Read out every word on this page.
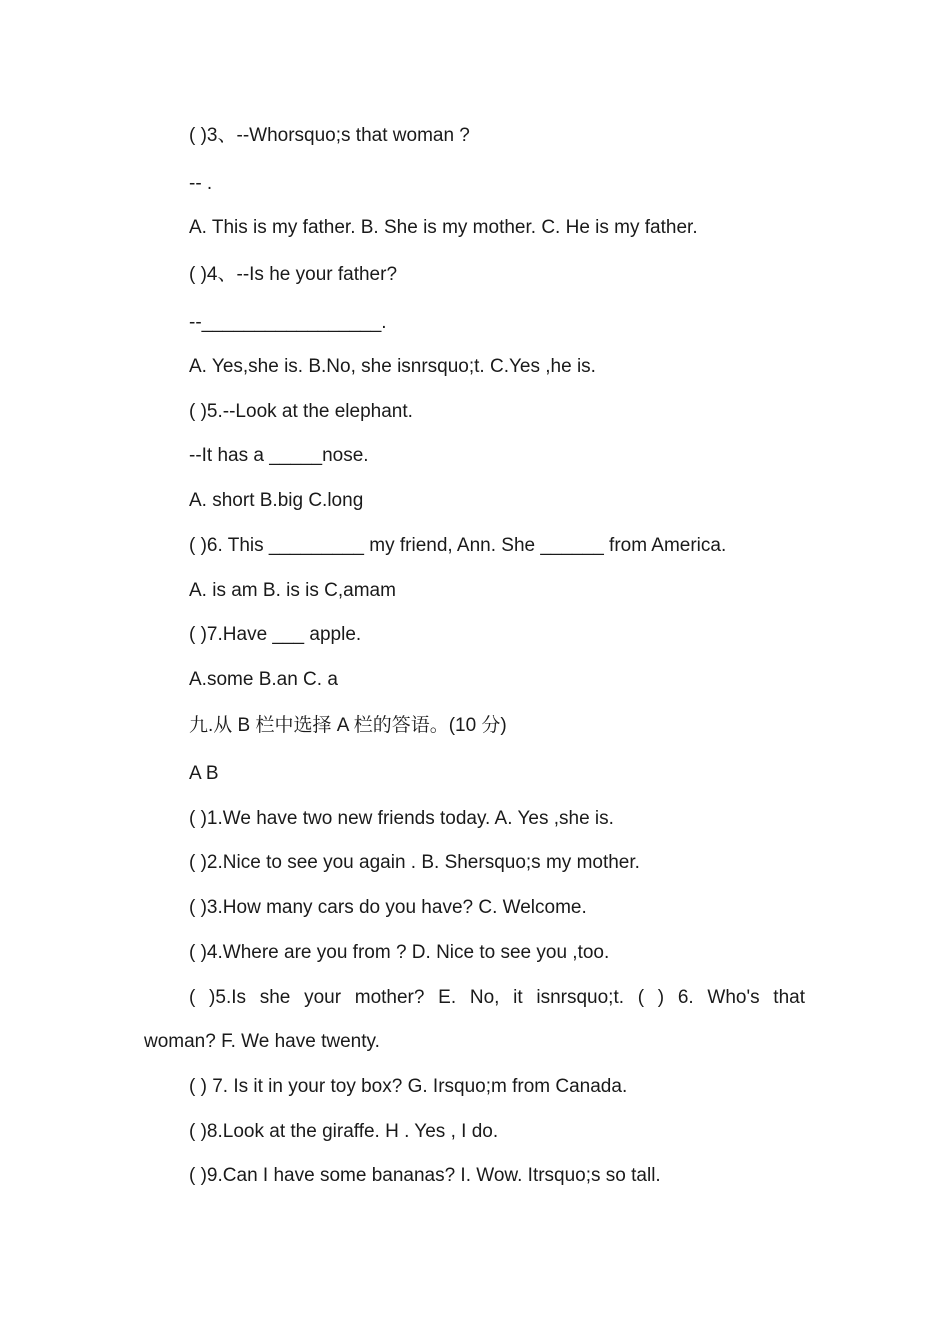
( )3、--Whorsquo;s that woman ?
-- .
A. This is my father. B. She is my mother. C. He is my father.
( )4、--Is he your father?
--_________________.
A. Yes,she is. B.No, she isnrsquo;t. C.Yes ,he is.
( )5.--Look at the elephant.
--It has a _____nose.
A. short B.big C.long
( )6. This _________ my friend, Ann. She ______ from America.
A. is am B. is is C,amam
( )7.Have ___ apple.
A.some B.an C. a
九.从 B 栏中选择 A 栏的答语。(10 分)
A B
( )1.We have two new friends today. A. Yes ,she is.
( )2.Nice to see you again . B. Shersquo;s my mother.
( )3.How many cars do you have? C. Welcome.
( )4.Where are you from ? D. Nice to see you ,too.
( )5.Is she your mother? E. No, it isnrsquo;t. ( ) 6. Who's that
woman? F. We have twenty.
( ) 7. Is it in your toy box? G. Irsquo;m from Canada.
( )8.Look at the giraffe. H . Yes , I do.
( )9.Can I have some bananas? I. Wow. Itrsquo;s so tall.
